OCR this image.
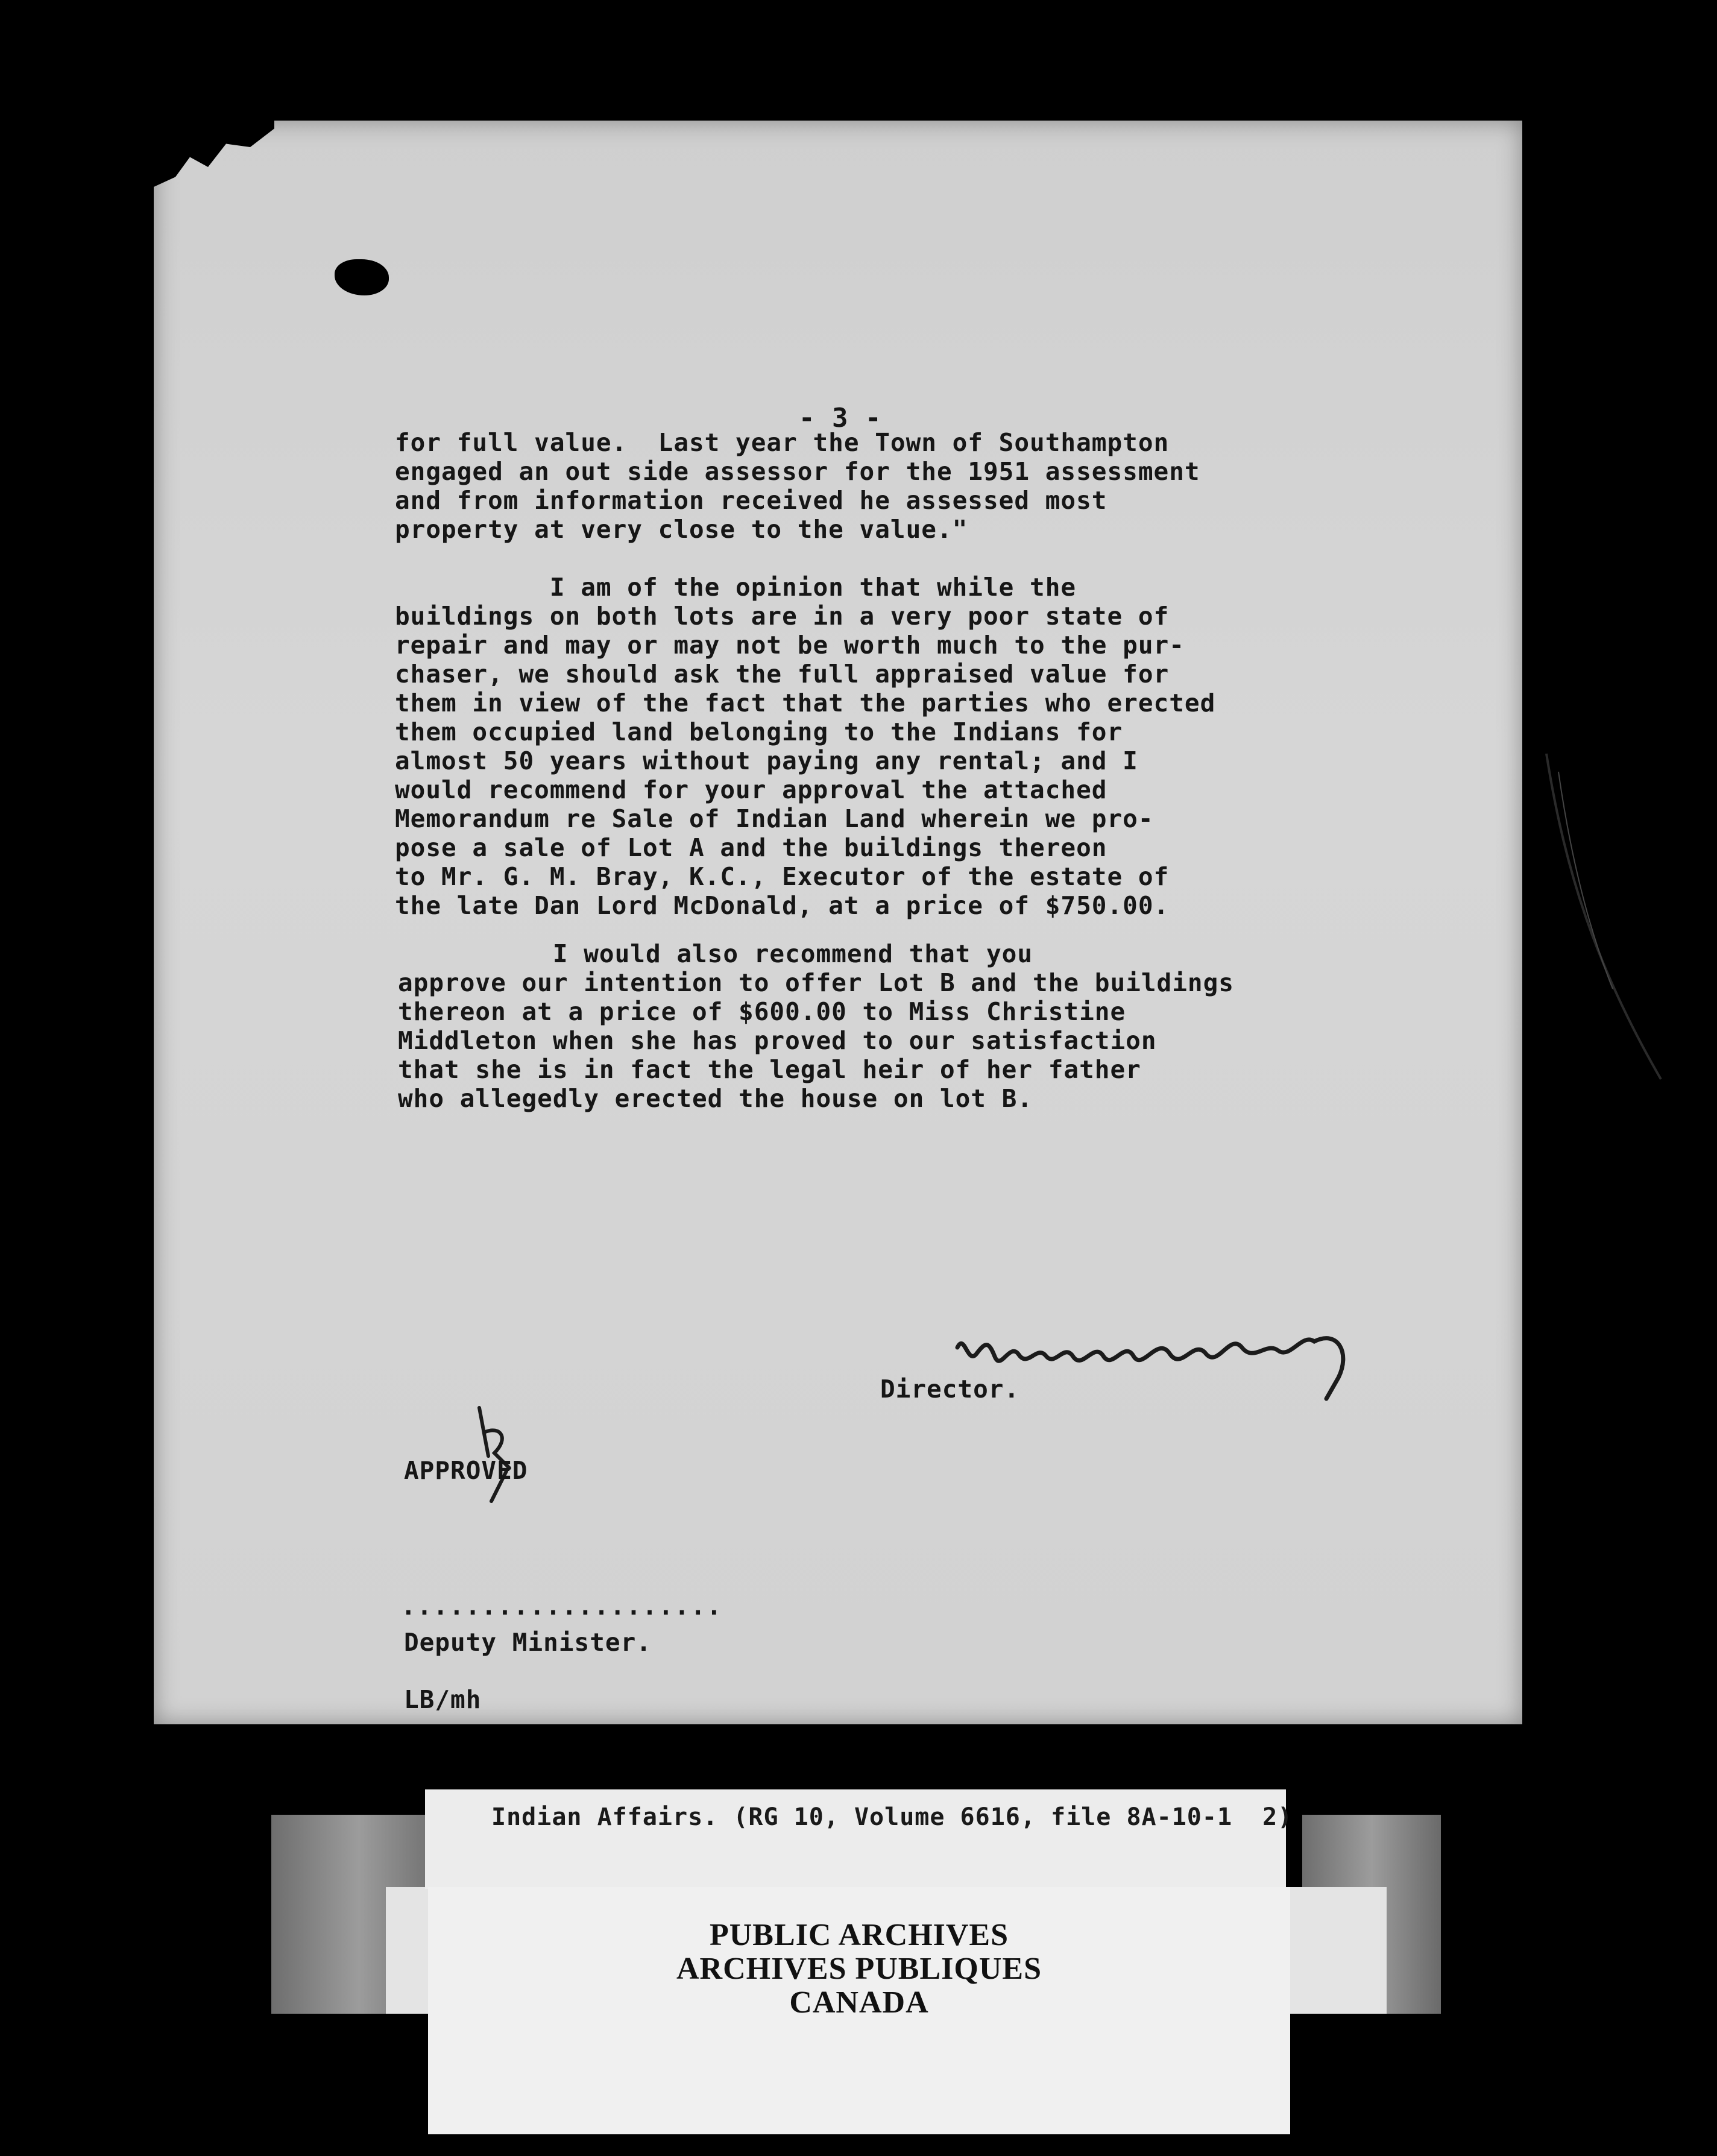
- 3 -

for full value.  Last year the Town of Southampton

engaged an out side assessor for the 1951 assessment

and from information received he assessed most

property at very close to the value."

I am of the opinion that while the

buildings on both lots are in a very poor state of

repair and may or may not be worth much to the pur-

chaser, we should ask the full appraised value for

them in view of the fact that the parties who erected

them occupied land belonging to the Indians for

almost 50 years without paying any rental; and I

would recommend for your approval the attached

Memorandum re Sale of Indian Land wherein we pro-

pose a sale of Lot A and the buildings thereon

to Mr. G. M. Bray, K.C., Executor of the estate of

the late Dan Lord McDonald, at a price of $750.00.

I would also recommend that you

approve our intention to offer Lot B and the buildings

thereon at a price of $600.00 to Miss Christine

Middleton when she has proved to our satisfaction

that she is in fact the legal heir of her father

who allegedly erected the house on lot B.

Director.

APPROVED

....................

Deputy Minister.

LB/mh

Indian Affairs. (RG 10, Volume 6616, file 8A-10-1  2)

PUBLIC ARCHIVES

ARCHIVES PUBLIQUES

CANADA
